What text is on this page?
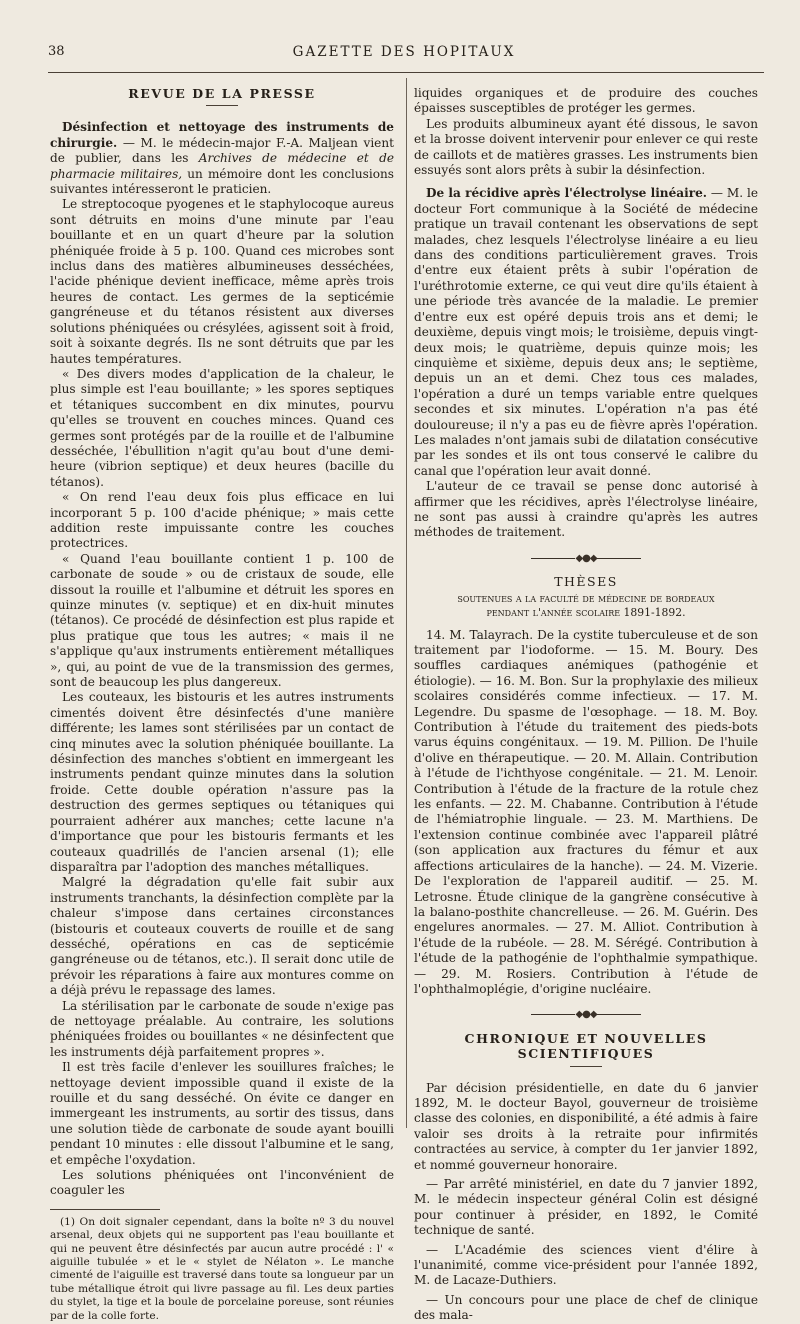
38	GAZETTE DES HOPITAUX
REVUE DE LA PRESSE

Désinfection et nettoyage des instruments de chirurgie. — M. le médecin-major F.-A. Maljean vient de publier, dans les Archives de médecine et de pharmacie militaires, un mémoire dont les conclusions suivantes intéresseront le praticien.

Le streptocoque pyogenes et le staphylocoque aureus sont détruits en moins d'une minute par l'eau bouillante et en un quart d'heure par la solution phéniquée froide à 5 p. 100. Quand ces microbes sont inclus dans des matières albumineuses desséchées, l'acide phénique devient inefficace, même après trois heures de contact. Les germes de la septicémie gangréneuse et du tétanos résistent aux diverses solutions phéniquées ou crésylées, agissent soit à froid, soit à soixante degrés. Ils ne sont détruits que par les hautes températures.

« Des divers modes d'application de la chaleur, le plus simple est l'eau bouillante; » les spores septiques et tétaniques succombent en dix minutes, pourvu qu'elles se trouvent en couches minces. Quand ces germes sont protégés par de la rouille et de l'albumine desséchée, l'ébullition n'agit qu'au bout d'une demi-heure (vibrion septique) et deux heures (bacille du tétanos).

« On rend l'eau deux fois plus efficace en lui incorporant 5 p. 100 d'acide phénique; » mais cette addition reste impuissante contre les couches protectrices.

« Quand l'eau bouillante contient 1 p. 100 de carbonate de soude » ou de cristaux de soude, elle dissout la rouille et l'albumine et détruit les spores en quinze minutes (v. septique) et en dix-huit minutes (tétanos). Ce procédé de désinfection est plus rapide et plus pratique que tous les autres; « mais il ne s'applique qu'aux instruments entièrement métalliques », qui, au point de vue de la transmission des germes, sont de beaucoup les plus dangereux.

Les couteaux, les bistouris et les autres instruments cimentés doivent être désinfectés d'une manière différente; les lames sont stérilisées par un contact de cinq minutes avec la solution phéniquée bouillante. La désinfection des manches s'obtient en immergeant les instruments pendant quinze minutes dans la solution froide. Cette double opération n'assure pas la destruction des germes septiques ou tétaniques qui pourraient adhérer aux manches; cette lacune n'a d'importance que pour les bistouris fermants et les couteaux quadrillés de l'ancien arsenal (1); elle disparaîtra par l'adoption des manches métalliques.

Malgré la dégradation qu'elle fait subir aux instruments tranchants, la désinfection complète par la chaleur s'impose dans certaines circonstances (bistouris et couteaux couverts de rouille et de sang desséché, opérations en cas de septicémie gangréneuse ou de tétanos, etc.). Il serait donc utile de prévoir les réparations à faire aux montures comme on a déjà prévu le repassage des lames.

La stérilisation par le carbonate de soude n'exige pas de nettoyage préalable. Au contraire, les solutions phéniquées froides ou bouillantes « ne désinfectent que les instruments déjà parfaitement propres ».

Il est très facile d'enlever les souillures fraîches; le nettoyage devient impossible quand il existe de la rouille et du sang desséché. On évite ce danger en immergeant les instruments, au sortir des tissus, dans une solution tiède de carbonate de soude ayant bouilli pendant 10 minutes : elle dissout l'albumine et le sang, et empêche l'oxydation.

Les solutions phéniquées ont l'inconvénient de coaguler les

(1) On doit signaler cependant, dans la boîte nº 3 du nouvel arsenal, deux objets qui ne supportent pas l'eau bouillante et qui ne peuvent être désinfectés par aucun autre procédé : l' « aiguille tubulée » et le « stylet de Nélaton ». Le manche cimenté de l'aiguille est traversé dans toute sa longueur par un tube métallique étroit qui livre passage au fil. Les deux parties du stylet, la tige et la boule de porcelaine poreuse, sont réunies par de la colle forte.

liquides organiques et de produire des couches épaisses susceptibles de protéger les germes.

Les produits albumineux ayant été dissous, le savon et la brosse doivent intervenir pour enlever ce qui reste de caillots et de matières grasses. Les instruments bien essuyés sont alors prêts à subir la désinfection.

De la récidive après l'électrolyse linéaire. — M. le docteur Fort communique à la Société de médecine pratique un travail contenant les observations de sept malades, chez lesquels l'électrolyse linéaire a eu lieu dans des conditions particulièrement graves. Trois d'entre eux étaient prêts à subir l'opération de l'uréthrotomie externe, ce qui veut dire qu'ils étaient à une période très avancée de la maladie. Le premier d'entre eux est opéré depuis trois ans et demi; le deuxième, depuis vingt mois; le troisième, depuis vingt-deux mois; le quatrième, depuis quinze mois; les cinquième et sixième, depuis deux ans; le septième, depuis un an et demi. Chez tous ces malades, l'opération a duré un temps variable entre quelques secondes et six minutes. L'opération n'a pas été douloureuse; il n'y a pas eu de fièvre après l'opération. Les malades n'ont jamais subi de dilatation consécutive par les sondes et ils ont tous conservé le calibre du canal que l'opération leur avait donné.

L'auteur de ce travail se pense donc autorisé à affirmer que les récidives, après l'électrolyse linéaire, ne sont pas aussi à craindre qu'après les autres méthodes de traitement.

◆●◆
THÈSES
soutenues a la faculté de médecine de bordeaux
pendant l'année scolaire 1891-1892.

14. M. Talayrach. De la cystite tuberculeuse et de son traitement par l'iodoforme. — 15. M. Boury. Des souffles cardiaques anémiques (pathogénie et étiologie). — 16. M. Bon. Sur la prophylaxie des milieux scolaires considérés comme infectieux. — 17. M. Legendre. Du spasme de l'œsophage. — 18. M. Boy. Contribution à l'étude du traitement des pieds-bots varus équins congénitaux. — 19. M. Pillion. De l'huile d'olive en thérapeutique. — 20. M. Allain. Contribution à l'étude de l'ichthyose congénitale. — 21. M. Lenoir. Contribution à l'étude de la fracture de la rotule chez les enfants. — 22. M. Chabanne. Contribution à l'étude de l'hémiatrophie linguale. — 23. M. Marthiens. De l'extension continue combinée avec l'appareil plâtré (son application aux fractures du fémur et aux affections articulaires de la hanche). — 24. M. Vizerie. De l'exploration de l'appareil auditif. — 25. M. Letrosne. Étude clinique de la gangrène consécutive à la balano-posthite chancrelleuse. — 26. M. Guérin. Des engelures anormales. — 27. M. Alliot. Contribution à l'étude de la rubéole. — 28. M. Sérégé. Contribution à l'étude de la pathogénie de l'ophthalmie sympathique. — 29. M. Rosiers. Contribution à l'étude de l'ophthalmoplégie, d'origine nucléaire.

◆●◆
CHRONIQUE ET NOUVELLES SCIENTIFIQUES

Par décision présidentielle, en date du 6 janvier 1892, M. le docteur Bayol, gouverneur de troisième classe des colonies, en disponibilité, a été admis à faire valoir ses droits à la retraite pour infirmités contractées au service, à compter du 1er janvier 1892, et nommé gouverneur honoraire.

— Par arrêté ministériel, en date du 7 janvier 1892, M. le médecin inspecteur général Colin est désigné pour continuer à présider, en 1892, le Comité technique de santé.

— L'Académie des sciences vient d'élire à l'unanimité, comme vice-président pour l'année 1892, M. de Lacaze-Duthiers.

— Un concours pour une place de chef de clinique des mala-
